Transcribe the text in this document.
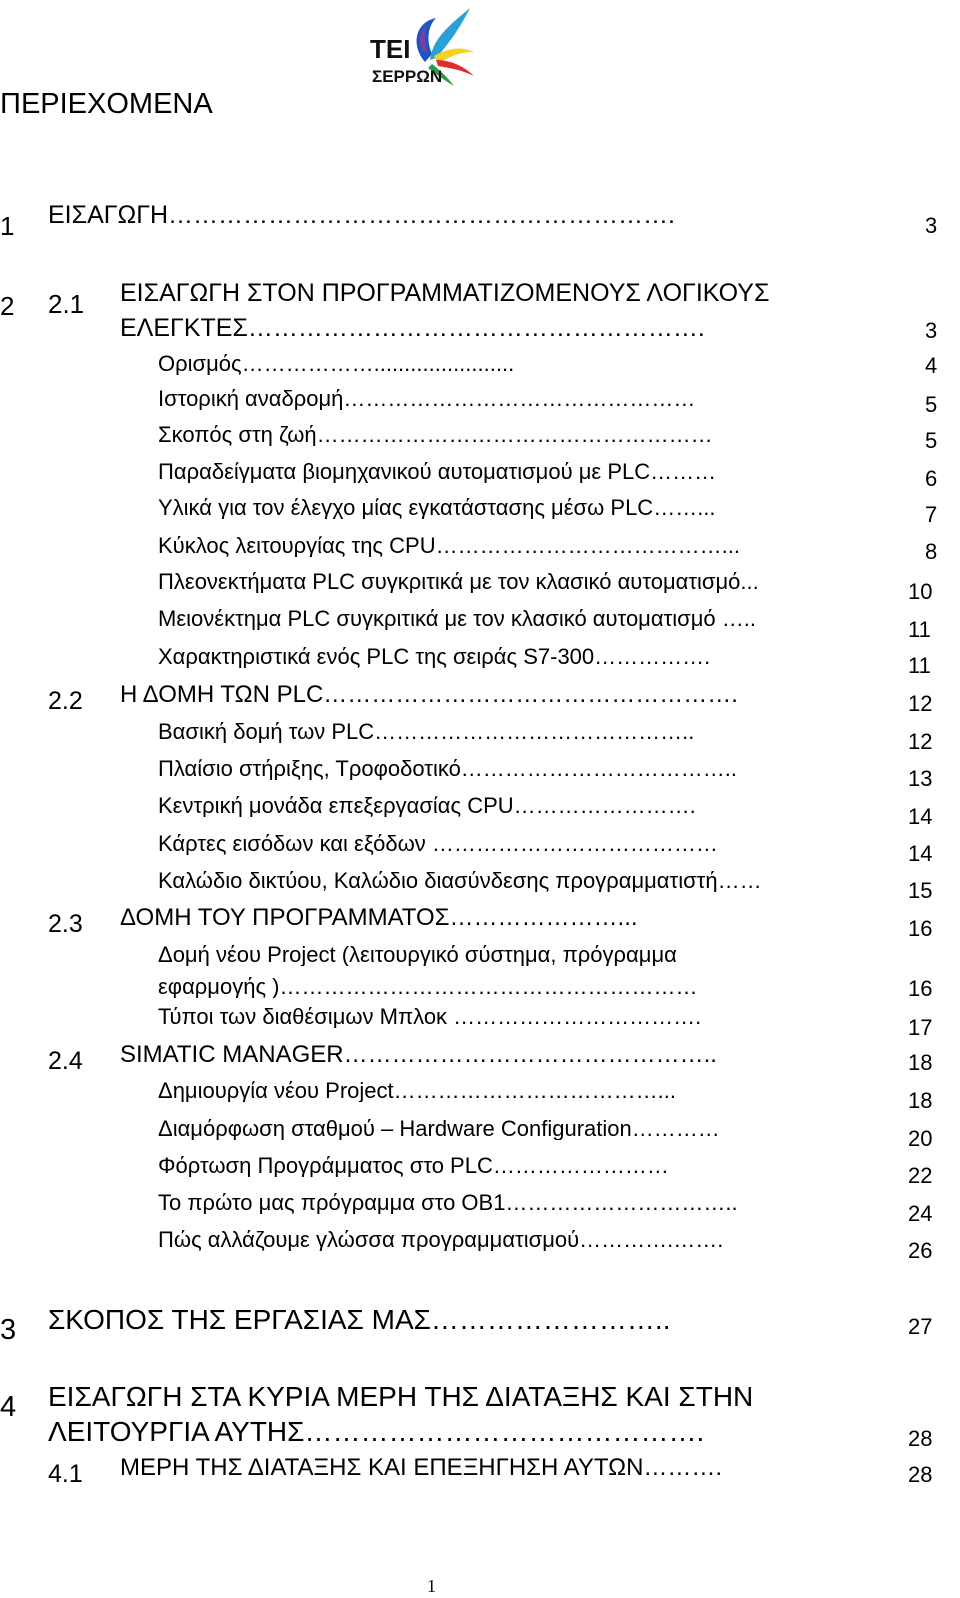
TEI
ΣΕΡΡΩΝ
ΠΕΡΙΕΧΟΜΕΝΑ
1 ΕΙΣΑΓΩΓΗ…………………………………………………….	3
2 2.1 ΕΙΣΑΓΩΓΗ ΣΤΟΝ ΠΡΟΓΡΑΜΜΑΤΙΖΟΜΕΝΟΥΣ ΛΟΓΙΚΟΥΣ
ΕΛΕΓΚΤΕΣ……………………………………………….	3
Ορισμός……………….......................	4
Ιστορική αναδρομή…………………………………………	5
Σκοπός στη ζωή………………………………………………	5
Παραδείγματα βιομηχανικού αυτοματισμού με PLC………	6
Υλικά για τον έλεγχο μίας εγκατάστασης μέσω PLC……...	7
Κύκλος λειτουργίας της CPU…………………………………...	8
Πλεονεκτήματα PLC συγκριτικά με τον κλασικό αυτοματισμό...	10
Μειονέκτημα PLC συγκριτικά με τον κλασικό αυτοματισμό …..	11
Χαρακτηριστικά ενός PLC της σειράς S7-300…………….	11
2.2 Η ΔΟΜΗ ΤΩΝ PLC…………………………………………….	12
Βασική δομή των PLC……………………………………..	12
Πλαίσιο στήριξης, Τροφοδοτικό………………………………..	13
Κεντρική μονάδα επεξεργασίας CPU…………………….	14
Κάρτες εισόδων και εξόδων …………………………………	14
Καλώδιο δικτύου, Καλώδιο διασύνδεσης προγραμματιστή……	15
2.3 ΔΟΜΗ ΤΟΥ ΠΡΟΓΡΑΜΜΑΤΟΣ…………………...	16
Δομή νέου Project (λειτουργικό σύστημα, πρόγραμμα
εφαρμογής )…………………………………………………	16
Τύποι των διαθέσιμων Μπλοκ …………………………….	17
2.4 SIMATIC MANAGER………………………………………..	18
Δημιουργία νέου Project………………………………...	18
Διαμόρφωση σταθμού – Hardware Configuration…………	20
Φόρτωση Προγράμματος στο PLC……………………	22
Το πρώτο μας πρόγραμμα στο OB1…………………………..	24
Πώς αλλάζουμε γλώσσα προγραμματισμού………….…….	26
3 ΣΚΟΠΟΣ ΤΗΣ ΕΡΓΑΣΙΑΣ ΜΑΣ……………………..	27
4 ΕΙΣΑΓΩΓΗ ΣΤΑ ΚΥΡΙΑ ΜΕΡΗ ΤΗΣ ΔΙΑΤΑΞΗΣ ΚΑΙ ΣΤΗΝ
ΛΕΙΤΟΥΡΓΙΑ ΑΥΤΗΣ…………………………………….	28
4.1 ΜΕΡΗ ΤΗΣ ΔΙΑΤΑΞΗΣ ΚΑΙ ΕΠΕΞΗΓΗΣΗ ΑΥΤΩΝ……….	28
1
